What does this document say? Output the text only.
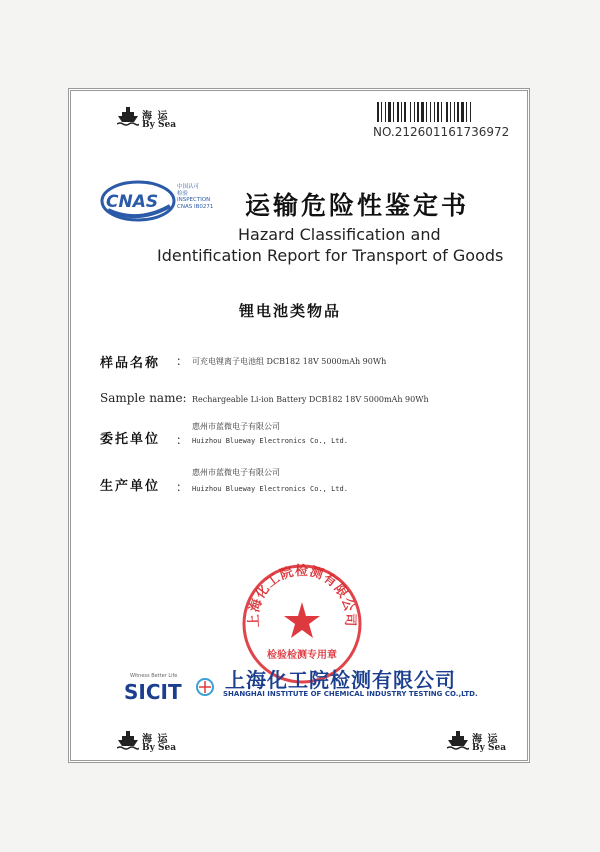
海 运
By Sea	NO.212601161736972
CNAS
中国认可
检验
INSPECTION
CNAS IB0271	运输危险性鉴定书
Hazard Classification and
Identification Report for Transport of Goods
锂电池类物品
样品名称 ： 可充电锂离子电池组 DCB182 18V 5000mAh 90Wh
Sample name: Rechargeable Li-ion Battery DCB182 18V 5000mAh 90Wh
委托单位 ：
惠州市蓝微电子有限公司
Huizhou Blueway Electronics Co., Ltd.
生产单位 ：
惠州市蓝微电子有限公司
Huizhou Blueway Electronics Co., Ltd.
上海化工院检测有限公司
检验检测专用章
Witness Better Life
SICIT 上海化工院检测有限公司
SHANGHAI INSTITUTE OF CHEMICAL INDUSTRY TESTING CO.,LTD.
海 运
By Sea
海 运
By Sea
